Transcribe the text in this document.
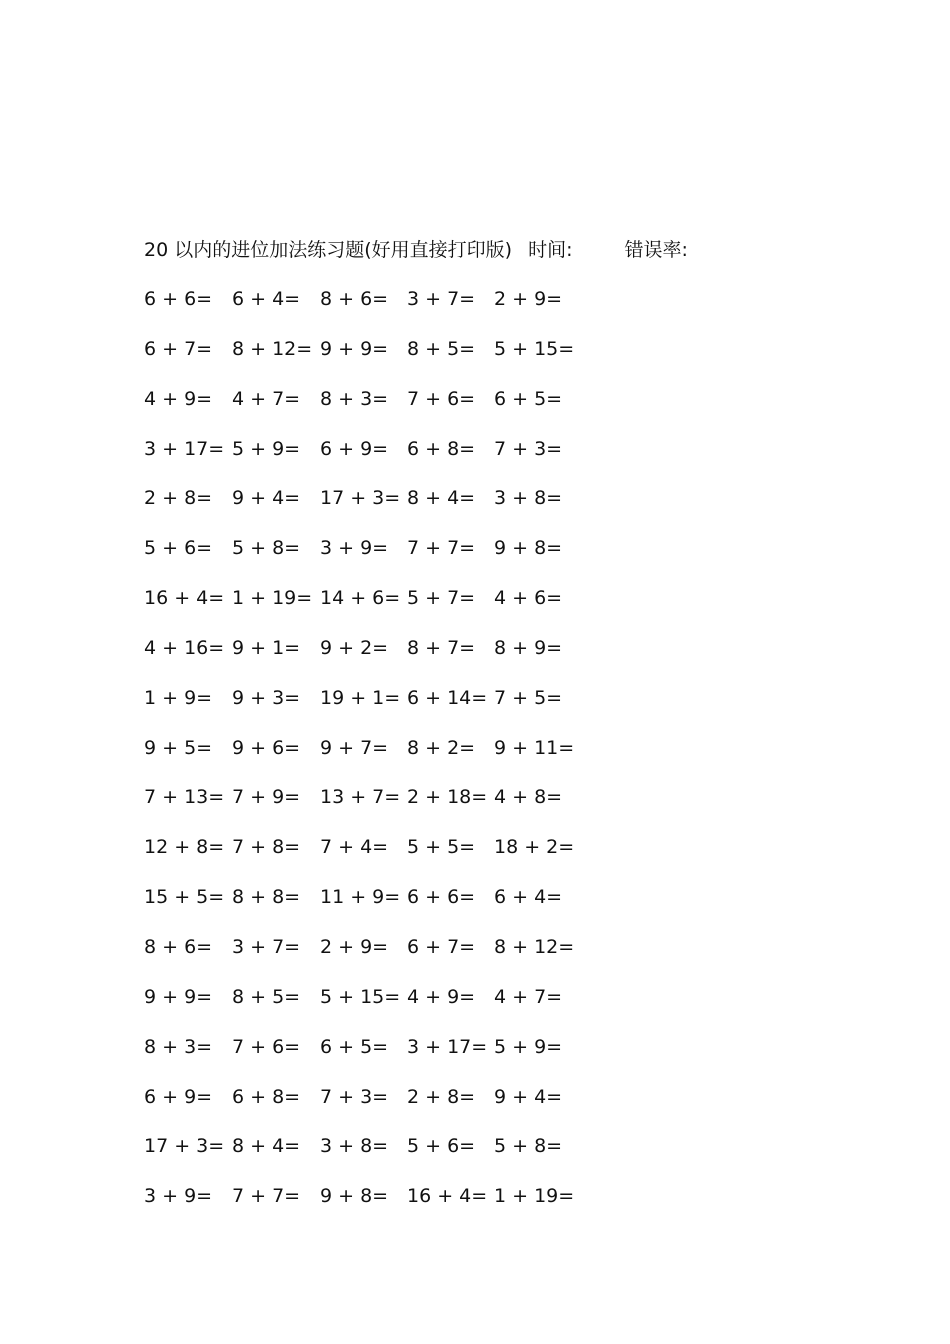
20 以内的进位加法练习题(好用直接打印版) 时间:	错误率:
6 + 6= 6 + 4= 8 + 6= 3 + 7= 2 + 9=
6 + 7= 8 + 12= 9 + 9= 8 + 5= 5 + 15=
4 + 9= 4 + 7= 8 + 3= 7 + 6= 6 + 5=
3 + 17= 5 + 9= 6 + 9= 6 + 8= 7 + 3=
2 + 8= 9 + 4= 17 + 3= 8 + 4= 3 + 8=
5 + 6= 5 + 8= 3 + 9= 7 + 7= 9 + 8=
16 + 4= 1 + 19= 14 + 6= 5 + 7= 4 + 6=
4 + 16= 9 + 1= 9 + 2= 8 + 7= 8 + 9=
1 + 9= 9 + 3= 19 + 1= 6 + 14= 7 + 5=
9 + 5= 9 + 6= 9 + 7= 8 + 2= 9 + 11=
7 + 13= 7 + 9= 13 + 7= 2 + 18= 4 + 8=
12 + 8= 7 + 8= 7 + 4= 5 + 5= 18 + 2=
15 + 5= 8 + 8= 11 + 9= 6 + 6= 6 + 4=
8 + 6= 3 + 7= 2 + 9= 6 + 7= 8 + 12=
9 + 9= 8 + 5= 5 + 15= 4 + 9= 4 + 7=
8 + 3= 7 + 6= 6 + 5= 3 + 17= 5 + 9=
6 + 9= 6 + 8= 7 + 3= 2 + 8= 9 + 4=
17 + 3= 8 + 4= 3 + 8= 5 + 6= 5 + 8=
3 + 9= 7 + 7= 9 + 8= 16 + 4= 1 + 19=
